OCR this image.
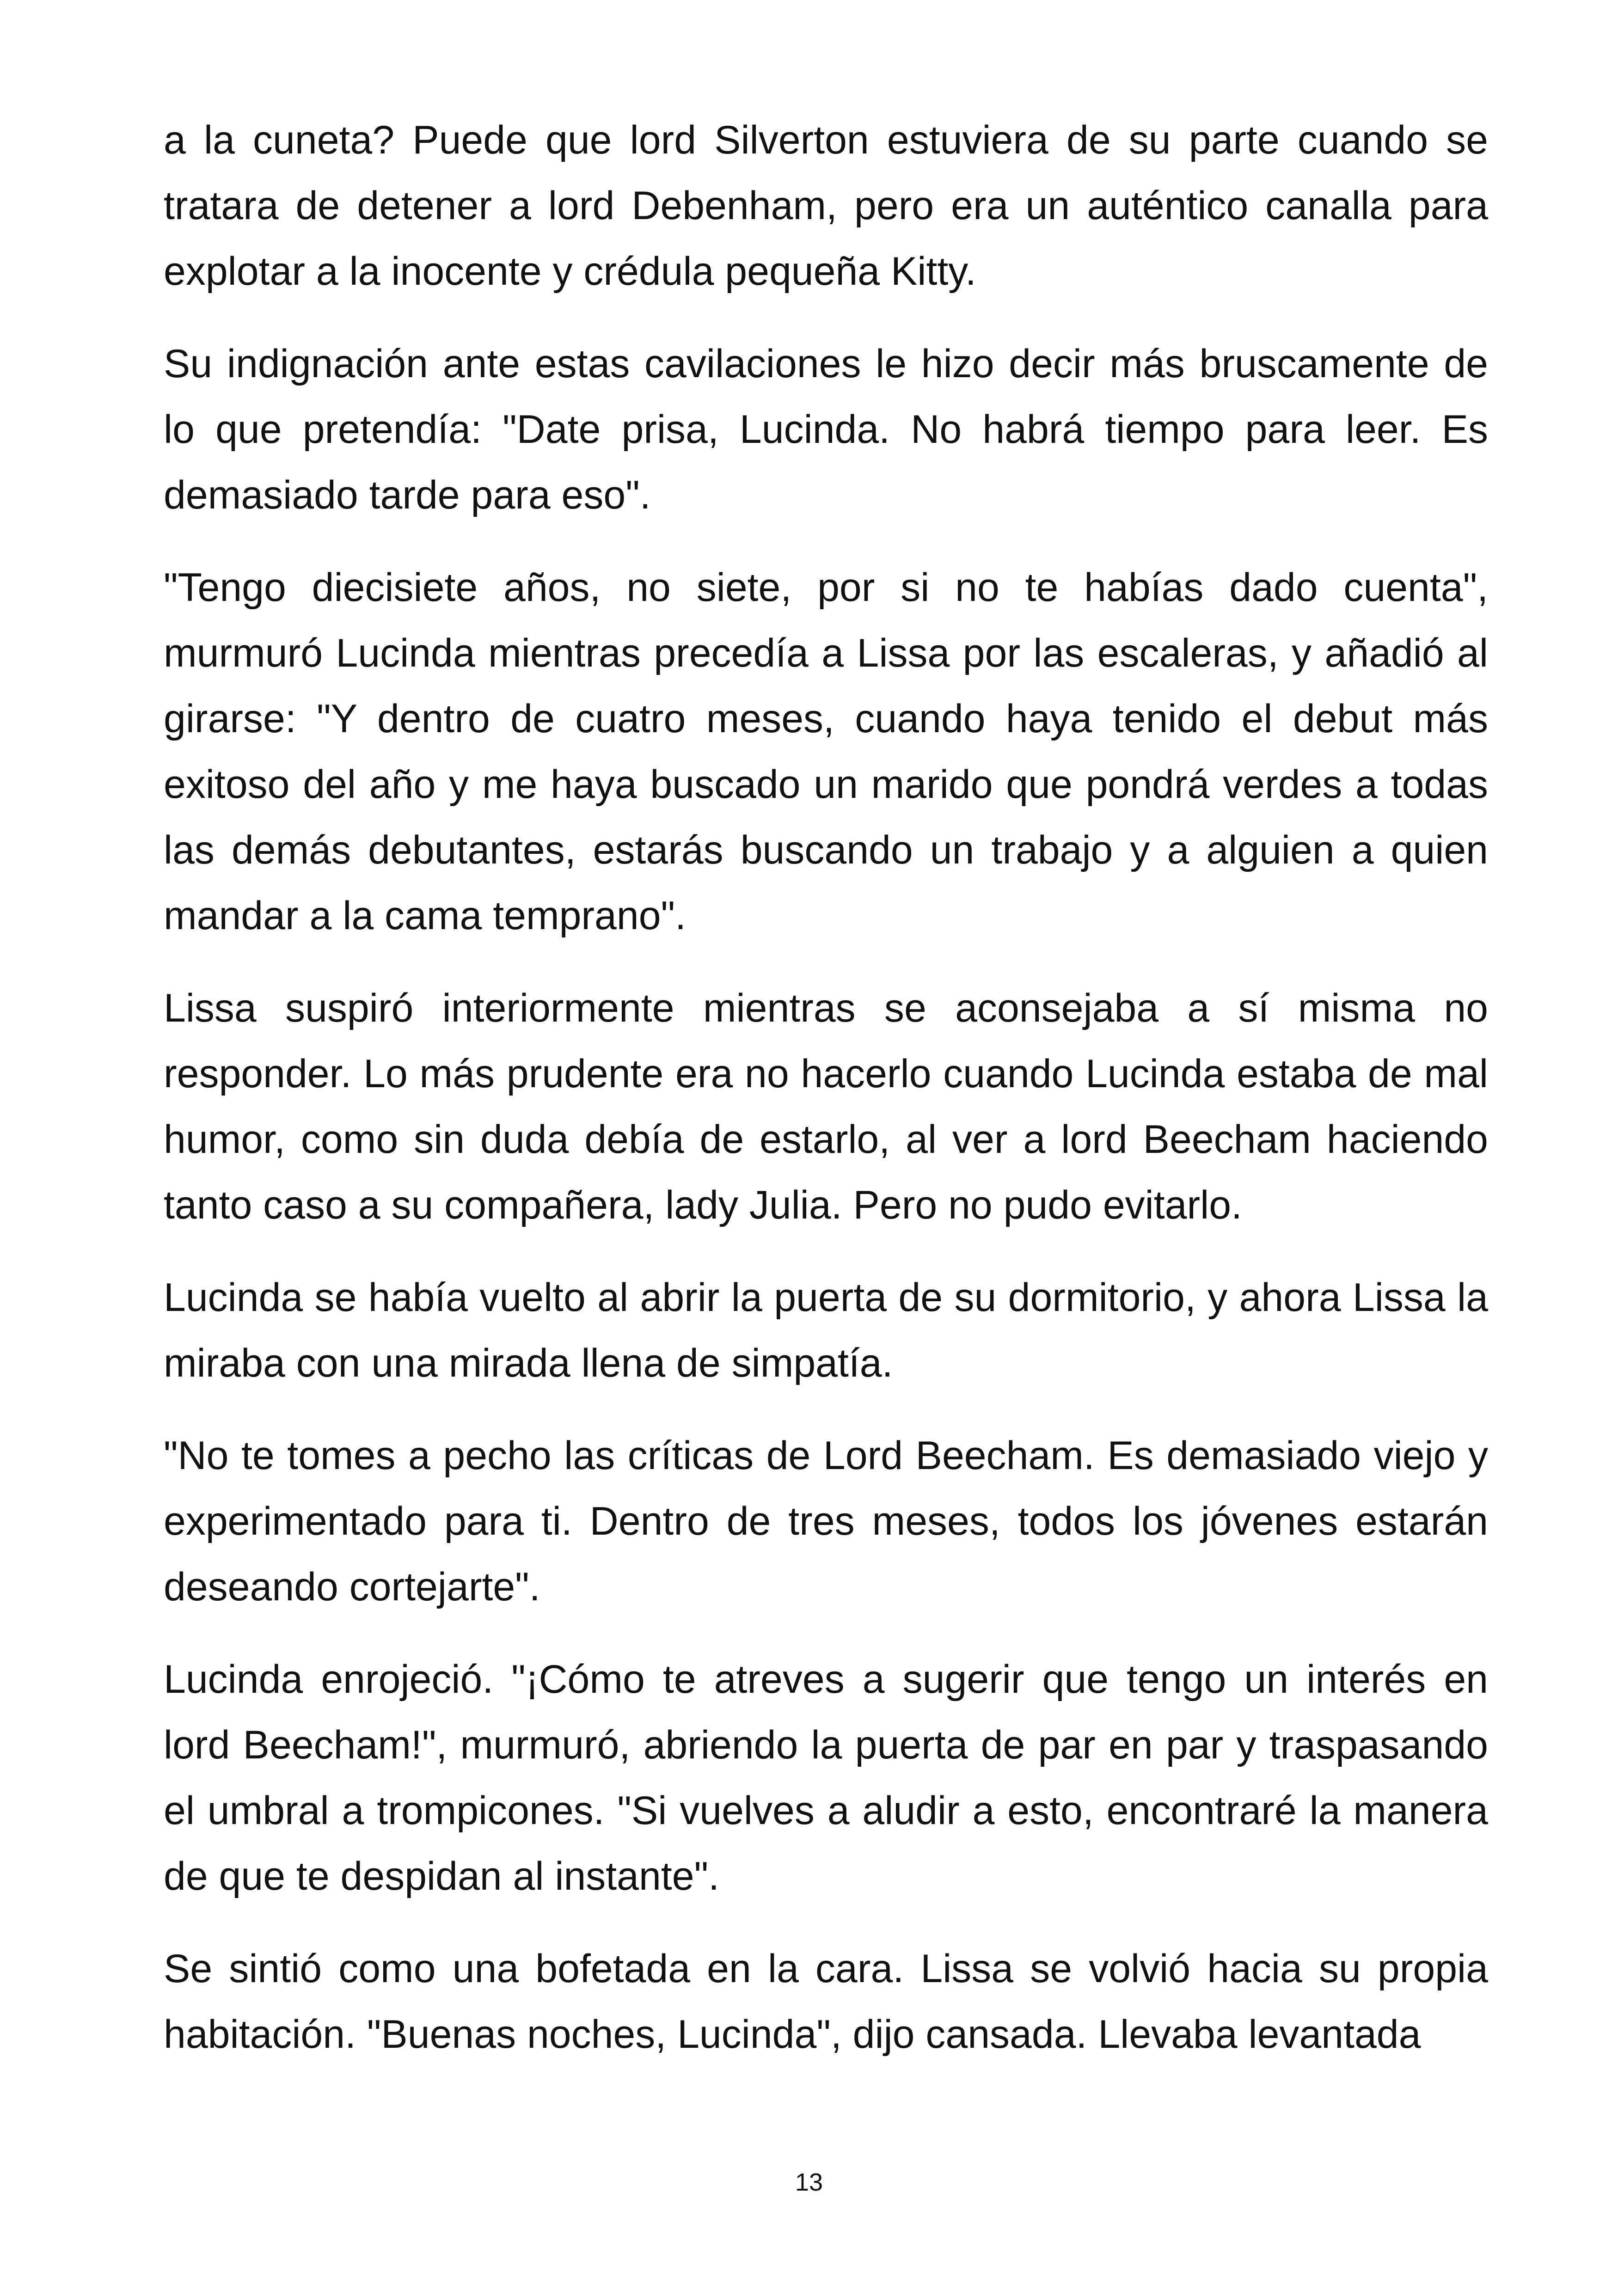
a la cuneta? Puede que lord Silverton estuviera de su parte cuando se tratara de detener a lord Debenham, pero era un auténtico canalla para explotar a la inocente y crédula pequeña Kitty.

Su indignación ante estas cavilaciones le hizo decir más bruscamente de lo que pretendía: "Date prisa, Lucinda. No habrá tiempo para leer. Es demasiado tarde para eso".

"Tengo diecisiete años, no siete, por si no te habías dado cuenta", murmuró Lucinda mientras precedía a Lissa por las escaleras, y añadió al girarse: "Y dentro de cuatro meses, cuando haya tenido el debut más exitoso del año y me haya buscado un marido que pondrá verdes a todas las demás debutantes, estarás buscando un trabajo y a alguien a quien mandar a la cama temprano".

Lissa suspiró interiormente mientras se aconsejaba a sí misma no responder. Lo más prudente era no hacerlo cuando Lucinda estaba de mal humor, como sin duda debía de estarlo, al ver a lord Beecham haciendo tanto caso a su compañera, lady Julia. Pero no pudo evitarlo.

Lucinda se había vuelto al abrir la puerta de su dormitorio, y ahora Lissa la miraba con una mirada llena de simpatía.

"No te tomes a pecho las críticas de Lord Beecham. Es demasiado viejo y experimentado para ti. Dentro de tres meses, todos los jóvenes estarán deseando cortejarte".

Lucinda enrojeció. "¡Cómo te atreves a sugerir que tengo un interés en lord Beecham!", murmuró, abriendo la puerta de par en par y traspasando el umbral a trompicones. "Si vuelves a aludir a esto, encontraré la manera de que te despidan al instante".

Se sintió como una bofetada en la cara. Lissa se volvió hacia su propia habitación. "Buenas noches, Lucinda", dijo cansada. Llevaba levantada

13
